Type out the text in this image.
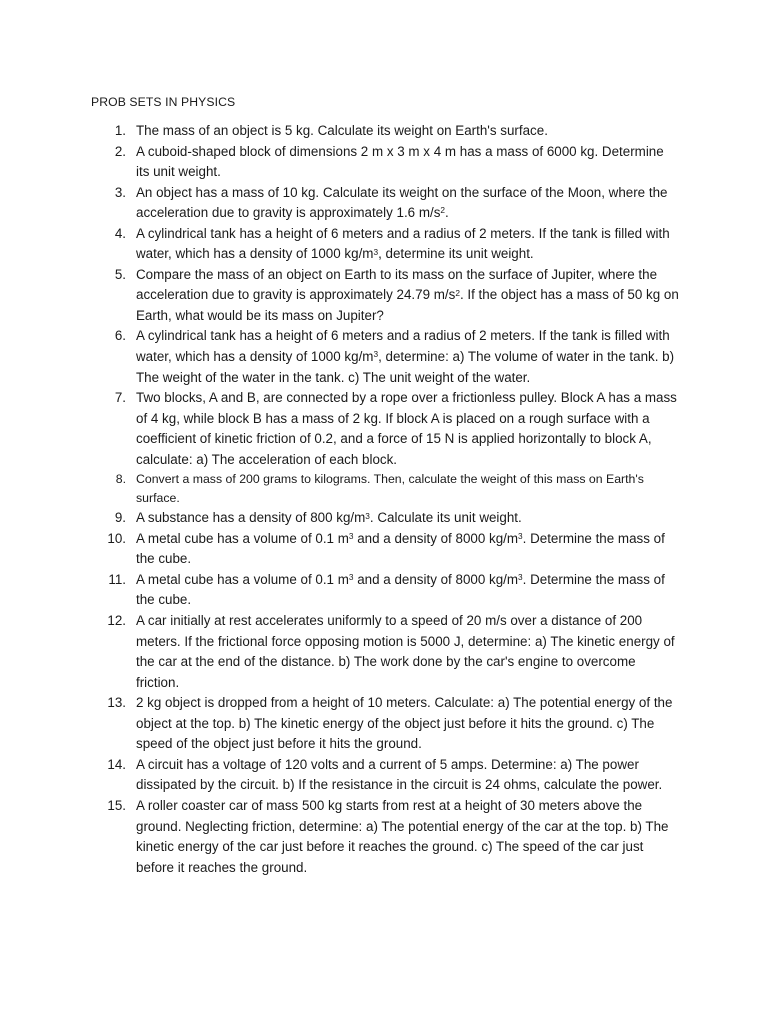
PROB SETS IN PHYSICS
1. The mass of an object is 5 kg. Calculate its weight on Earth's surface.
2. A cuboid-shaped block of dimensions 2 m x 3 m x 4 m has a mass of 6000 kg. Determine its unit weight.
3. An object has a mass of 10 kg. Calculate its weight on the surface of the Moon, where the acceleration due to gravity is approximately 1.6 $m/s^2$.
4. A cylindrical tank has a height of 6 meters and a radius of 2 meters. If the tank is filled with water, which has a density of 1000 $kg/m^3$, determine its unit weight.
5. Compare the mass of an object on Earth to its mass on the surface of Jupiter, where the acceleration due to gravity is approximately 24.79 $m/s^2$. If the object has a mass of 50 kg on Earth, what would be its mass on Jupiter?
6. A cylindrical tank has a height of 6 meters and a radius of 2 meters. If the tank is filled with water, which has a density of 1000 $kg/m^3$, determine: a) The volume of water in the tank. b) The weight of the water in the tank. c) The unit weight of the water.
7. Two blocks, A and B, are connected by a rope over a frictionless pulley. Block A has a mass of 4 kg, while block B has a mass of 2 kg. If block A is placed on a rough surface with a coefficient of kinetic friction of 0.2, and a force of 15 N is applied horizontally to block A, calculate: a) The acceleration of each block.
8. Convert a mass of 200 grams to kilograms. Then, calculate the weight of this mass on Earth's surface.
9. A substance has a density of 800 $kg/m^3$. Calculate its unit weight.
10. A metal cube has a volume of 0.1 $m^3$ and a density of 8000 $kg/m^3$. Determine the mass of the cube.
11. A metal cube has a volume of 0.1 $m^3$ and a density of 8000 $kg/m^3$. Determine the mass of the cube.
12. A car initially at rest accelerates uniformly to a speed of 20 m/s over a distance of 200 meters. If the frictional force opposing motion is 5000 J, determine: a) The kinetic energy of the car at the end of the distance. b) The work done by the car's engine to overcome friction.
13. 2 kg object is dropped from a height of 10 meters. Calculate: a) The potential energy of the object at the top. b) The kinetic energy of the object just before it hits the ground. c) The speed of the object just before it hits the ground.
14. A circuit has a voltage of 120 volts and a current of 5 amps. Determine: a) The power dissipated by the circuit. b) If the resistance in the circuit is 24 ohms, calculate the power.
15. A roller coaster car of mass 500 kg starts from rest at a height of 30 meters above the ground. Neglecting friction, determine: a) The potential energy of the car at the top. b) The kinetic energy of the car just before it reaches the ground. c) The speed of the car just before it reaches the ground.
